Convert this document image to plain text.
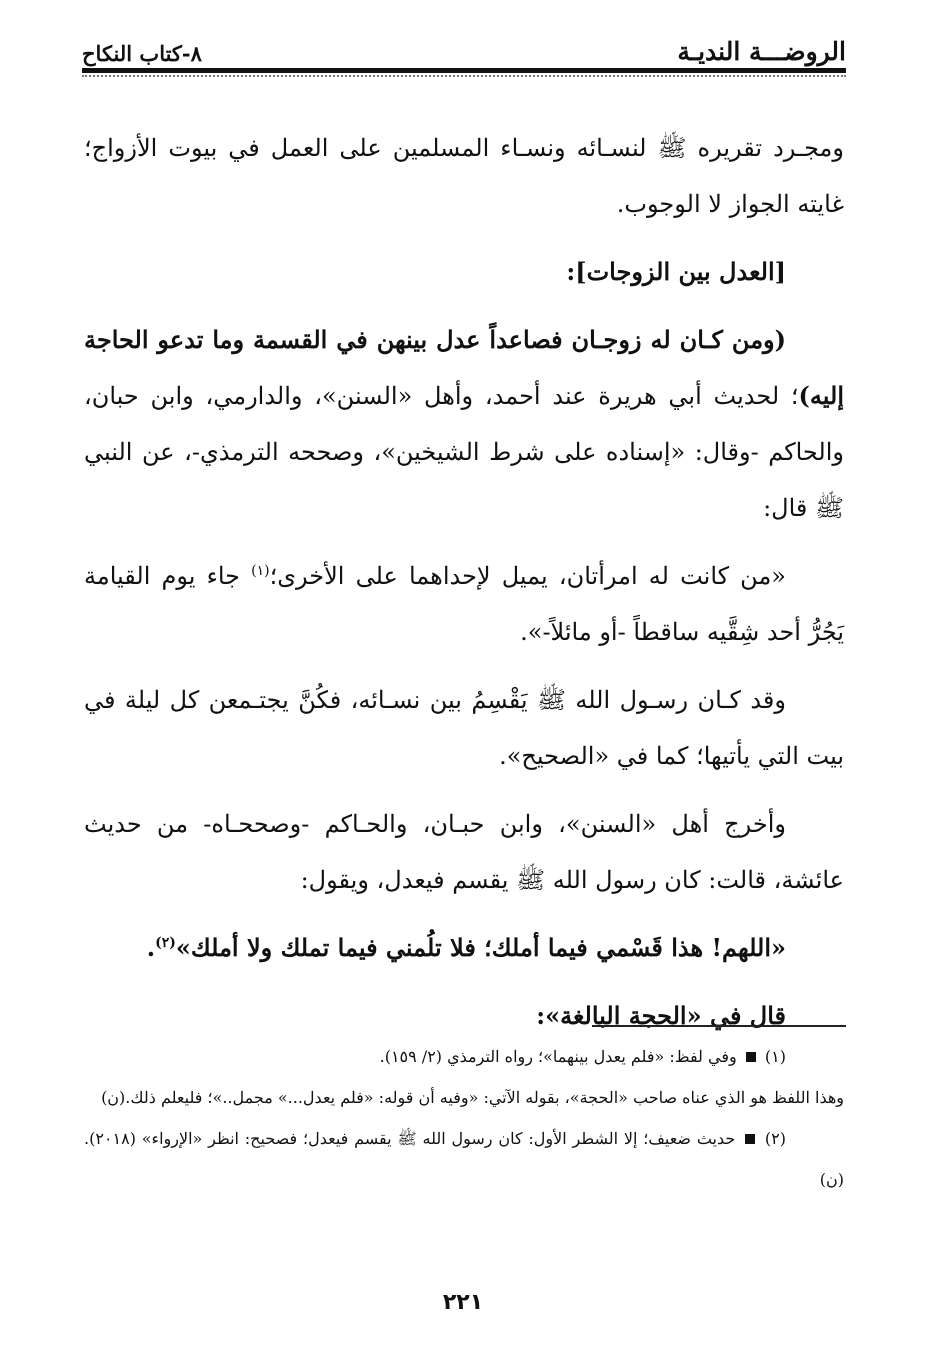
الروضـــة النديـة
٨-كتاب النكاح

ومجـرد تقريره ﷺ لنسـائه ونسـاء المسلمين على العمل في بيوت الأزواج؛ غايته الجواز لا الوجوب.

[العدل بين الزوجات]:

(ومن كـان له زوجـان فصاعداً عدل بينهن في القسمة وما تدعو الحاجة إليه)؛ لحديث أبي هريرة عند أحمد، وأهل «السنن»، والدارمي، وابن حبان، والحاكم -وقال: «إسناده على شرط الشيخين»، وصححه الترمذي-، عن النبي ﷺ قال:

«من كانت له امرأتان، يميل لإحداهما على الأخرى؛$^{(١)}$ جاء يوم القيامة يَجُرُّ أحد شِقَّيه ساقطاً -أو مائلاً-».

وقد كـان رسـول الله ﷺ يَقْسِمُ بين نسـائه، فكُنَّ يجتـمعن كل ليلة في بيت التي يأتيها؛ كما في «الصحيح».

وأخرج أهل «السنن»، وابن حبـان، والحـاكم -وصححـاه- من حديث عائشة، قالت: كان رسول الله ﷺ يقسم فيعدل، ويقول:

«اللهم! هذا قَسْمي فيما أملك؛ فلا تلُمني فيما تملك ولا أملك»$^{(٢)}$.

قال في «الحجة البالغة»:

(١)  وفي لفظ: «فلم يعدل بينهما»؛ رواه الترمذي (٢/ ١٥٩).

وهذا اللفظ هو الذي عناه صاحب «الحجة»، بقوله الآتي: «وفيه أن قوله: «فلم يعدل...» مجمل..»؛ فليعلم ذلك.(ن)

(٢)  حديث ضعيف؛ إلا الشطر الأول: كان رسول الله ﷺ يقسم فيعدل؛ فصحيح: انظر «الإرواء» (٢٠١٨). (ن)

٢٢١
